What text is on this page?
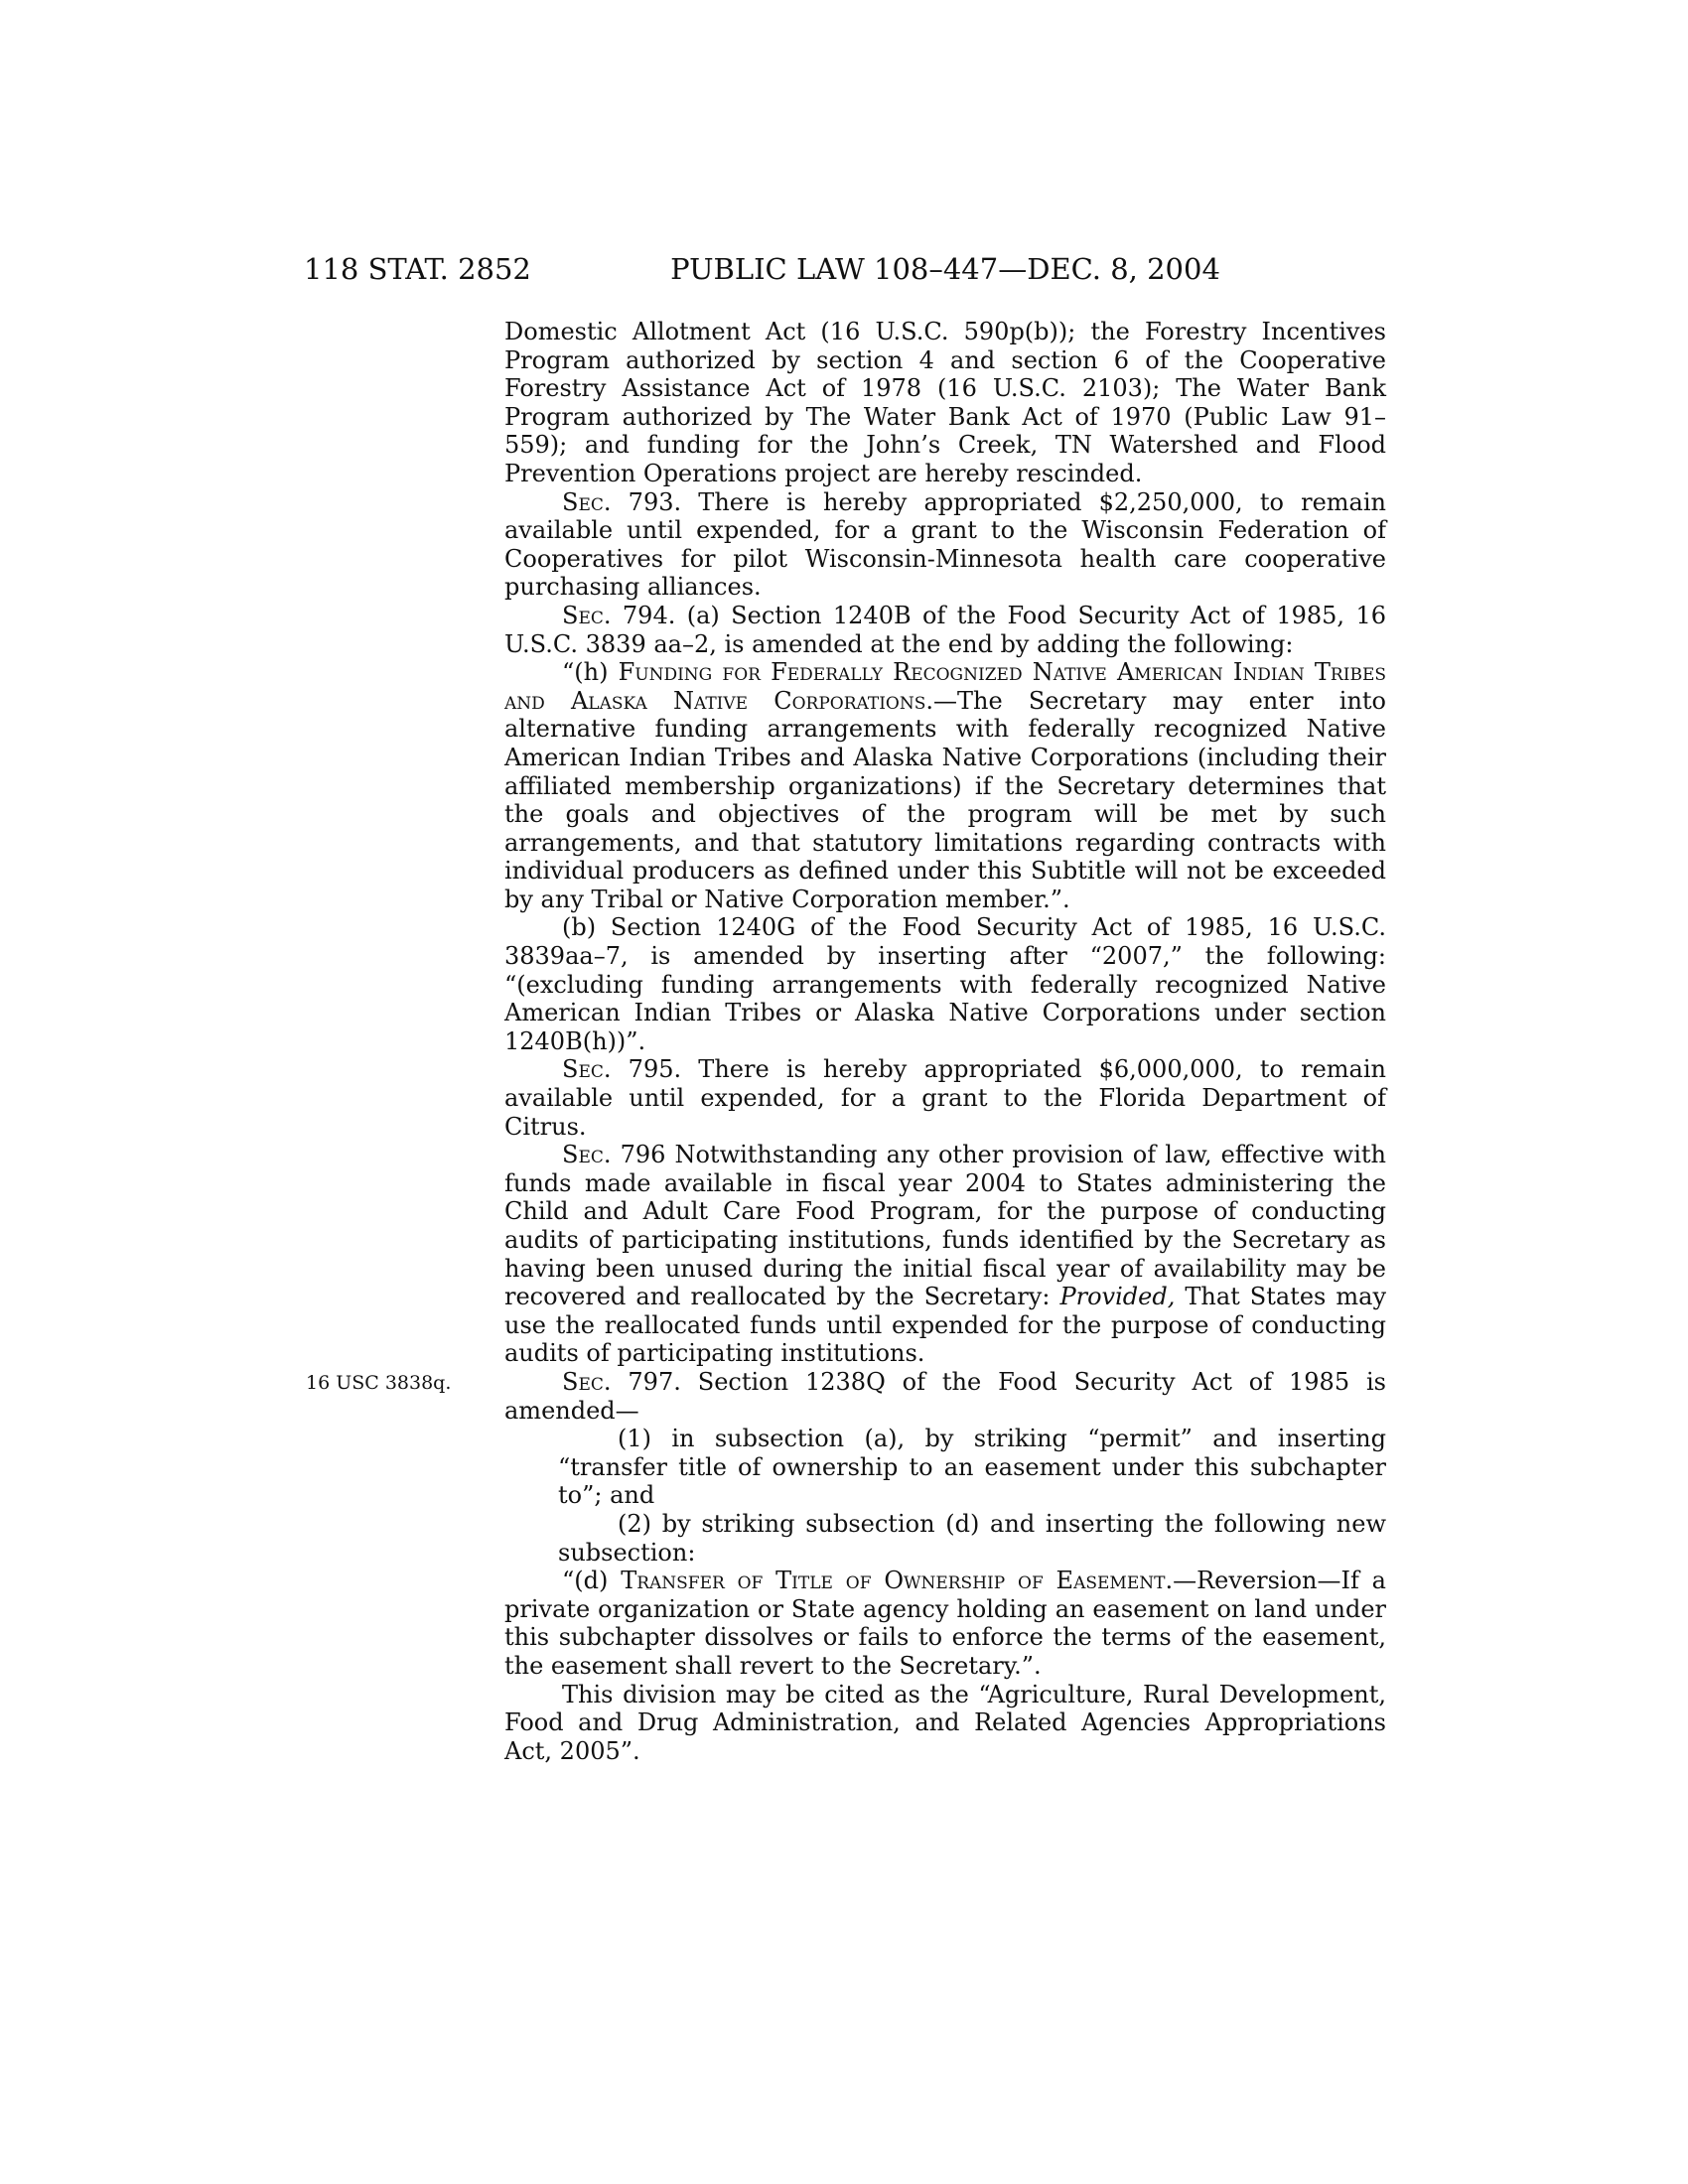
118 STAT. 2852	PUBLIC LAW 108–447—DEC. 8, 2004

Domestic Allotment Act (16 U.S.C. 590p(b)); the Forestry Incentives Program authorized by section 4 and section 6 of the Cooperative Forestry Assistance Act of 1978 (16 U.S.C. 2103); The Water Bank Program authorized by The Water Bank Act of 1970 (Public Law 91–559); and funding for the John’s Creek, TN Watershed and Flood Prevention Operations project are hereby rescinded.

Sec. 793. There is hereby appropriated $2,250,000, to remain available until expended, for a grant to the Wisconsin Federation of Cooperatives for pilot Wisconsin-Minnesota health care cooperative purchasing alliances.

Sec. 794. (a) Section 1240B of the Food Security Act of 1985, 16 U.S.C. 3839 aa–2, is amended at the end by adding the following:

“(h) Funding for Federally Recognized Native American Indian Tribes and Alaska Native Corporations.—The Secretary may enter into alternative funding arrangements with federally recognized Native American Indian Tribes and Alaska Native Corporations (including their affiliated membership organizations) if the Secretary determines that the goals and objectives of the program will be met by such arrangements, and that statutory limitations regarding contracts with individual producers as defined under this Subtitle will not be exceeded by any Tribal or Native Corporation member.”.

(b) Section 1240G of the Food Security Act of 1985, 16 U.S.C. 3839aa–7, is amended by inserting after “2007,” the following: “(excluding funding arrangements with federally recognized Native American Indian Tribes or Alaska Native Corporations under section 1240B(h))”.

Sec. 795. There is hereby appropriated $6,000,000, to remain available until expended, for a grant to the Florida Department of Citrus.

Sec. 796 Notwithstanding any other provision of law, effective with funds made available in fiscal year 2004 to States administering the Child and Adult Care Food Program, for the purpose of conducting audits of participating institutions, funds identified by the Secretary as having been unused during the initial fiscal year of availability may be recovered and reallocated by the Secretary: Provided, That States may use the reallocated funds until expended for the purpose of conducting audits of participating institutions.

16 USC 3838q.	Sec. 797. Section 1238Q of the Food Security Act of 1985 is amended—

(1) in subsection (a), by striking “permit” and inserting “transfer title of ownership to an easement under this subchapter to”; and

(2) by striking subsection (d) and inserting the following new subsection:

“(d) Transfer of Title of Ownership of Easement.—Reversion—If a private organization or State agency holding an easement on land under this subchapter dissolves or fails to enforce the terms of the easement, the easement shall revert to the Secretary.”.

This division may be cited as the “Agriculture, Rural Development, Food and Drug Administration, and Related Agencies Appropriations Act, 2005”.
